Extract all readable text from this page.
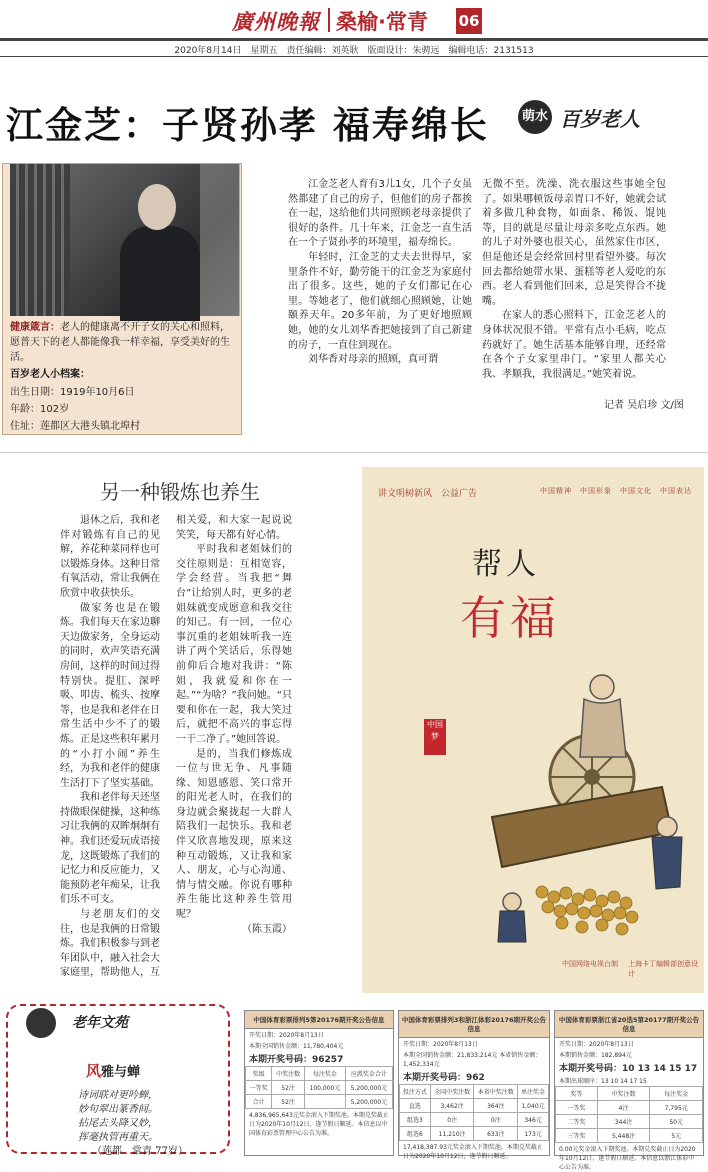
廣州晚報 桑榆·常青 06
2020年8月14日　星期五　责任编辑：刘英耿　版面设计：朱骋远　编辑电话：2131513
江金芝：子贤孙孝 福寿绵长	萌水 百岁老人
健康箴言：老人的健康离不开子女的关心和照料，愿普天下的老人都能像我一样幸福，享受美好的生活。
百岁老人小档案：
出生日期：1919年10月6日
年龄：102岁
住址：莲都区大港头镇北埠村

江金芝老人育有3儿1女，几个子女虽然都建了自己的房子，但他们的房子都挨在一起，这给他们共同照顾老母亲提供了很好的条件。几十年来，江金芝一直生活在一个子贤孙孝的环境里，福寿绵长。

年轻时，江金芝的丈夫去世得早，家里条件不好，勤劳能干的江金芝为家庭付出了很多。这些，她的子女们都记在心里。等她老了，他们就细心照顾她，让她颐养天年。20多年前，为了更好地照顾她，她的女儿刘华香把她接到了自己新建的房子，一直住到现在。

刘华香对母亲的照顾，真可谓

无微不至。洗澡、洗衣服这些事她全包了。如果哪顿饭母亲胃口不好，她就会试着多做几种食物，如面条、稀饭、馄饨等，目的就是尽量让母亲多吃点东西。她的儿子对外婆也很关心，虽然家住市区，但是他还是会经常回村里看望外婆。每次回去都给她带水果、蛋糕等老人爱吃的东西。老人看到他们回来，总是笑得合不拢嘴。

在家人的悉心照料下，江金芝老人的身体状况很不错。平常有点小毛病，吃点药就好了。她生活基本能够自理，还经常在各个子女家里串门。“家里人都关心我、孝顺我，我很满足。”她笑着说。

记者 吴启珍 文/图
另一种锻炼也养生

退休之后，我和老伴对锻炼有自己的见解，养花种菜同样也可以锻炼身体。这种日常有氧活动，常让我俩在欣赏中收获快乐。

做家务也是在锻炼。我们每天在家边聊天边做家务，全身运动的同时，欢声笑语充满房间，这样的时间过得特别快。提肛、深呼吸、叩齿、梳头、按摩等，也是我和老伴在日常生活中少不了的锻炼。正是这些积年累月的“小打小闹”养生经，为我和老伴的健康生活打下了坚实基础。

我和老伴每天还坚持做眼保健操，这种练习让我俩的双眸炯炯有神。我们还爱玩成语接龙，这既锻炼了我们的记忆力和反应能力，又能预防老年痴呆，让我们乐不可支。

与老朋友们的交往，也是我俩的日常锻炼。我们积极参与到老年团队中，融入社会大家庭里，帮助他人，互

相关爱，和大家一起说说笑笑，每天都有好心情。

平时我和老姐妹们的交往原则是：互相宽容，学会经营。当我把“舞台”让给别人时，更多的老姐妹就变成愿意和我交往的知己。有一回，一位心事沉重的老姐妹听我一连讲了两个笑话后，乐得她前仰后合地对我讲：“陈姐，我就爱和你在一起。”“为啥？”我问她。“只要和你在一起，我大笑过后，就把不高兴的事忘得一干二净了。”她回答说。

是的，当我们修炼成一位与世无争、凡事随缘、知恩感恩、笑口常开的阳光老人时，在我们的身边就会聚拢起一大群人陪我们一起快乐。我和老伴又欣喜地发现，原来这种互动锻炼，又让我和家人、朋友，心与心沟通、情与情交融。你说有哪种养生能比这种养生管用呢？

（陈玉霞）

讲文明树新风　公益广告	中国精神　中国形象　中国文化　中国表达
帮人
有福
中国梦
中国网络电视台制 上海卡丁编辑部创意设计
老年文苑
风雅与蝉
诗词联对更吟蝉，
妙句翠出篆香间。
拈尾去头降又妙，
挥毫执管再重天。
（莲都　常青 77岁）
中国体育彩票排列5第20176期开奖公告信息
开奖日期：2020年8月13日
本期全国销售金额：11,780,404元
本期开奖号码：96257
奖级	中奖注数	每注奖金	应派奖金合计
一等奖	52注	100,000元	5,200,000元
合计	52注		5,200,000元
4,836,965,643元奖金滚入下期奖池。本期兑奖截止日为2020年10月12日，逢节假日顺延。本信息以中国体育彩票管理中心公告为准。
中国体育彩票排列3和浙江体彩20176期开奖公告信息
开奖日期：2020年8月13日
本期全国销售金额：21,833,214元 本省销售金额：1,452,334元
本期开奖号码：962
投注方式	全国中奖注数	本省中奖注数	单注奖金
直选	3,462注	364注	1,040元
组选3	0注	0注	346元
组选6	11,210注	633注	173元
17,418,387.93元奖金滚入下期奖池。本期兑奖截止日为2020年10月12日，逢节假日顺延。
中国体育彩票浙江省20选5第20177期开奖公告信息
开奖日期：2020年8月13日
本期销售金额：182,894元
本期开奖号码：10 13 14 15 17
本期出球顺序：13 10 14 17 15
奖等	中奖注数	每注奖金
一等奖	4注	7,795元
二等奖	344注	50元
三等奖	5,448注	5元
0.00元奖金滚入下期奖池。本期兑奖截止日为2020年10月12日，逢节假日顺延。本信息以浙江体彩中心公告为准。
